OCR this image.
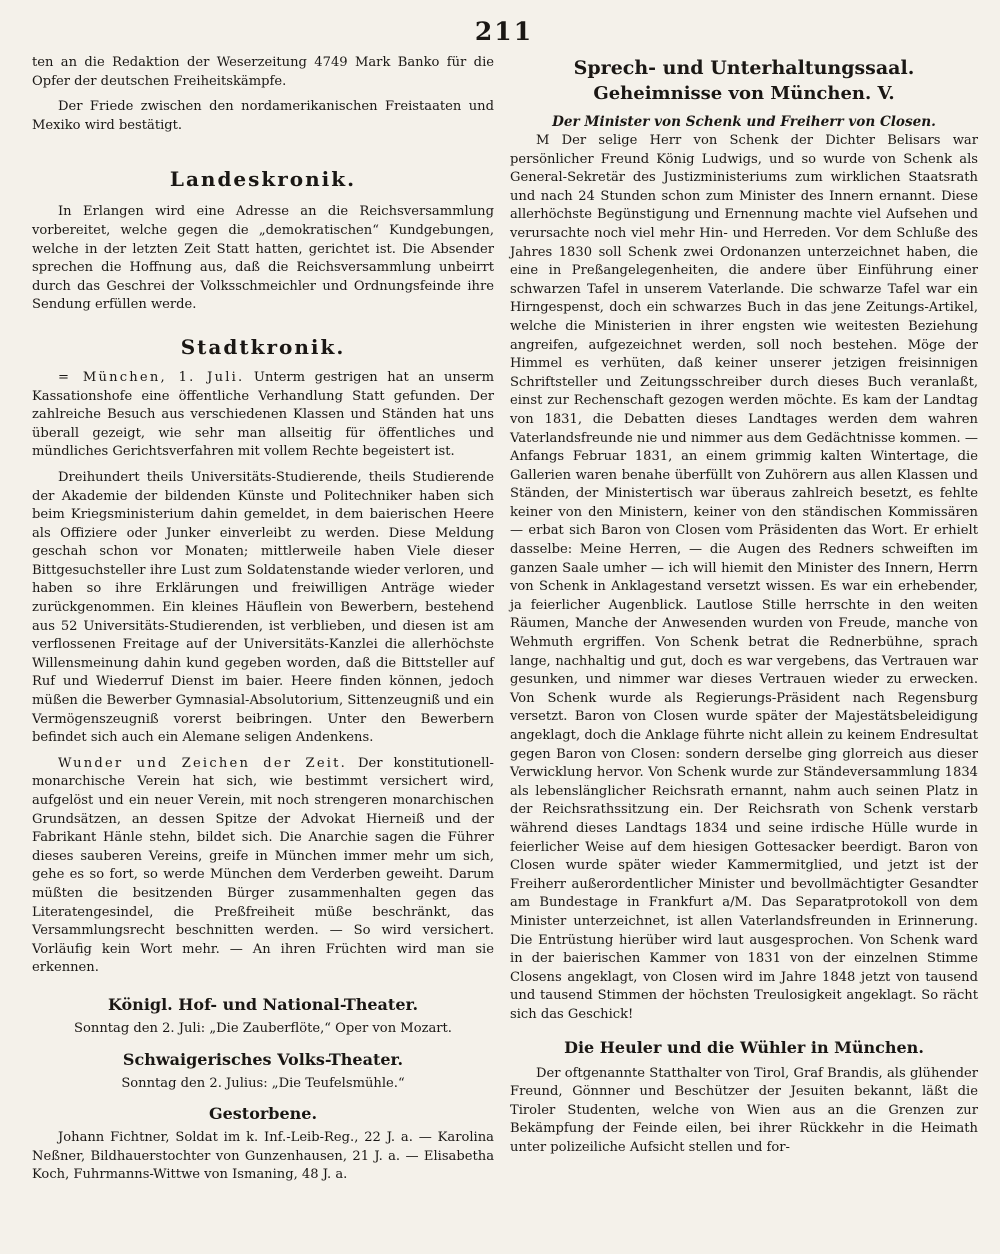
211

ten an die Redaktion der Weserzeitung 4749 Mark Banko für die Opfer der deutschen Freiheitskämpfe.

Der Friede zwischen den nordamerikanischen Freistaaten und Mexiko wird bestätigt.

Landeskronik.

In Erlangen wird eine Adresse an die Reichsversammlung vorbereitet, welche gegen die „demokratischen“ Kundgebungen, welche in der letzten Zeit Statt hatten, gerichtet ist. Die Absender sprechen die Hoffnung aus, daß die Reichsversammlung unbeirrt durch das Geschrei der Volksschmeichler und Ordnungsfeinde ihre Sendung erfüllen werde.

Stadtkronik.

= München, 1. Juli. Unterm gestrigen hat an unserm Kassationshofe eine öffentliche Verhandlung Statt gefunden. Der zahlreiche Besuch aus verschiedenen Klassen und Ständen hat uns überall gezeigt, wie sehr man allseitig für öffentliches und mündliches Gerichtsverfahren mit vollem Rechte begeistert ist.

Dreihundert theils Universitäts-Studierende, theils Studierende der Akademie der bildenden Künste und Politechniker haben sich beim Kriegsministerium dahin gemeldet, in dem baierischen Heere als Offiziere oder Junker einverleibt zu werden. Diese Meldung geschah schon vor Monaten; mittlerweile haben Viele dieser Bittgesuchsteller ihre Lust zum Soldatenstande wieder verloren, und haben so ihre Erklärungen und freiwilligen Anträge wieder zurückgenommen. Ein kleines Häuflein von Bewerbern, bestehend aus 52 Universitäts-Studierenden, ist verblieben, und diesen ist am verflossenen Freitage auf der Universitäts-Kanzlei die allerhöchste Willensmeinung dahin kund gegeben worden, daß die Bittsteller auf Ruf und Wiederruf Dienst im baier. Heere finden können, jedoch müßen die Bewerber Gymnasial-Absolutorium, Sittenzeugniß und ein Vermögenszeugniß vorerst beibringen. Unter den Bewerbern befindet sich auch ein Alemane seligen Andenkens.

Wunder und Zeichen der Zeit. Der konstitutionell-monarchische Verein hat sich, wie bestimmt versichert wird, aufgelöst und ein neuer Verein, mit noch strengeren monarchischen Grundsätzen, an dessen Spitze der Advokat Hierneiß und der Fabrikant Hänle stehn, bildet sich. Die Anarchie sagen die Führer dieses sauberen Vereins, greife in München immer mehr um sich, gehe es so fort, so werde München dem Verderben geweiht. Darum müßten die besitzenden Bürger zusammenhalten gegen das Literatengesindel, die Preßfreiheit müße beschränkt, das Versammlungsrecht beschnitten werden. — So wird versichert. Vorläufig kein Wort mehr. — An ihren Früchten wird man sie erkennen.

Königl. Hof- und National-Theater.
Sonntag den 2. Juli: „Die Zauberflöte,“ Oper von Mozart.
Schwaigerisches Volks-Theater.
Sonntag den 2. Julius: „Die Teufelsmühle.“
Gestorbene.

Johann Fichtner, Soldat im k. Inf.-Leib-Reg., 22 J. a. — Karolina Neßner, Bildhauerstochter von Gunzenhausen, 21 J. a. — Elisabetha Koch, Fuhrmanns-Wittwe von Ismaning, 48 J. a.

Sprech- und Unterhaltungssaal.
Geheimnisse von München. V.
Der Minister von Schenk und Freiherr von Closen.

M Der selige Herr von Schenk der Dichter Belisars war persönlicher Freund König Ludwigs, und so wurde von Schenk als General-Sekretär des Justizministeriums zum wirklichen Staatsrath und nach 24 Stunden schon zum Minister des Innern ernannt. Diese allerhöchste Begünstigung und Ernennung machte viel Aufsehen und verursachte noch viel mehr Hin- und Herreden. Vor dem Schluße des Jahres 1830 soll Schenk zwei Ordonanzen unterzeichnet haben, die eine in Preßangelegenheiten, die andere über Einführung einer schwarzen Tafel in unserem Vaterlande. Die schwarze Tafel war ein Hirngespenst, doch ein schwarzes Buch in das jene Zeitungs-Artikel, welche die Ministerien in ihrer engsten wie weitesten Beziehung angreifen, aufgezeichnet werden, soll noch bestehen. Möge der Himmel es verhüten, daß keiner unserer jetzigen freisinnigen Schriftsteller und Zeitungsschreiber durch dieses Buch veranlaßt, einst zur Rechenschaft gezogen werden möchte. Es kam der Landtag von 1831, die Debatten dieses Landtages werden dem wahren Vaterlandsfreunde nie und nimmer aus dem Gedächtnisse kommen. — Anfangs Februar 1831, an einem grimmig kalten Wintertage, die Gallerien waren benahe überfüllt von Zuhörern aus allen Klassen und Ständen, der Ministertisch war überaus zahlreich besetzt, es fehlte keiner von den Ministern, keiner von den ständischen Kommissären — erbat sich Baron von Closen vom Präsidenten das Wort. Er erhielt dasselbe: Meine Herren, — die Augen des Redners schweiften im ganzen Saale umher — ich will hiemit den Minister des Innern, Herrn von Schenk in Anklagestand versetzt wissen. Es war ein erhebender, ja feierlicher Augenblick. Lautlose Stille herrschte in den weiten Räumen, Manche der Anwesenden wurden von Freude, manche von Wehmuth ergriffen. Von Schenk betrat die Rednerbühne, sprach lange, nachhaltig und gut, doch es war vergebens, das Vertrauen war gesunken, und nimmer war dieses Vertrauen wieder zu erwecken. Von Schenk wurde als Regierungs-Präsident nach Regensburg versetzt. Baron von Closen wurde später der Majestätsbeleidigung angeklagt, doch die Anklage führte nicht allein zu keinem Endresultat gegen Baron von Closen: sondern derselbe ging glorreich aus dieser Verwicklung hervor. Von Schenk wurde zur Ständeversammlung 1834 als lebenslänglicher Reichsrath ernannt, nahm auch seinen Platz in der Reichsrathssitzung ein. Der Reichsrath von Schenk verstarb während dieses Landtags 1834 und seine irdische Hülle wurde in feierlicher Weise auf dem hiesigen Gottesacker beerdigt. Baron von Closen wurde später wieder Kammermitglied, und jetzt ist der Freiherr außerordentlicher Minister und bevollmächtigter Gesandter am Bundestage in Frankfurt a/M. Das Separatprotokoll von dem Minister unterzeichnet, ist allen Vaterlandsfreunden in Erinnerung. Die Entrüstung hierüber wird laut ausgesprochen. Von Schenk ward in der baierischen Kammer von 1831 von der einzelnen Stimme Closens angeklagt, von Closen wird im Jahre 1848 jetzt von tausend und tausend Stimmen der höchsten Treulosigkeit angeklagt. So rächt sich das Geschick!

Die Heuler und die Wühler in München.

Der oftgenannte Statthalter von Tirol, Graf Brandis, als glühender Freund, Gönnner und Beschützer der Jesuiten bekannt, läßt die Tiroler Studenten, welche von Wien aus an die Grenzen zur Bekämpfung der Feinde eilen, bei ihrer Rückkehr in die Heimath unter polizeiliche Aufsicht stellen und for-
